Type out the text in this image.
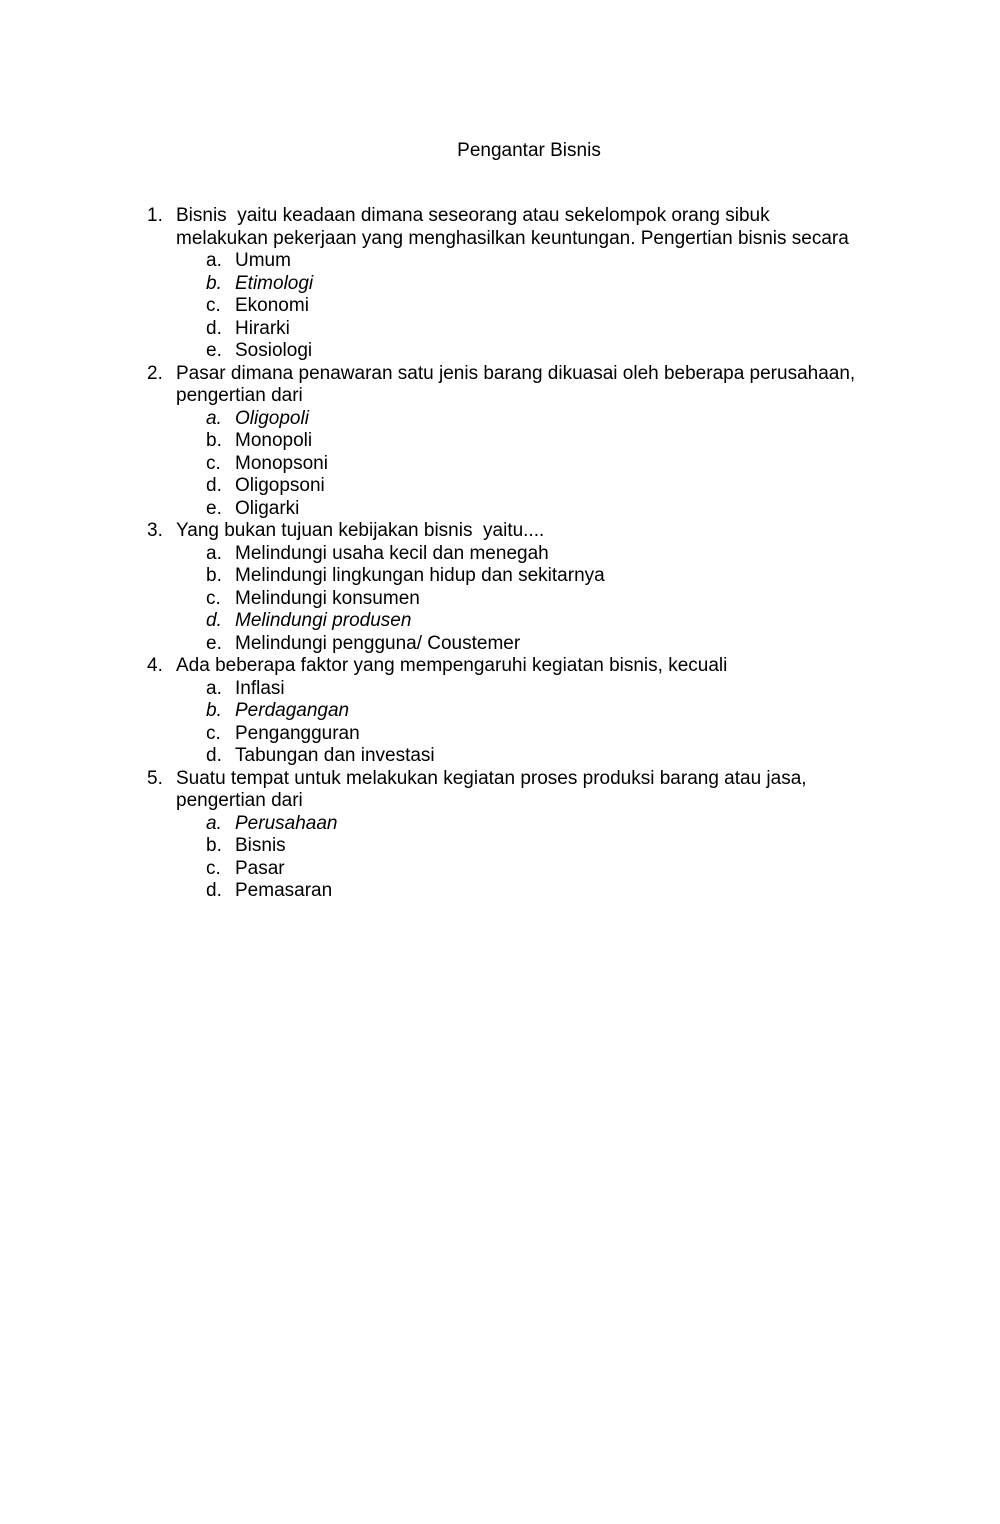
Pengantar Bisnis
1. Bisnis  yaitu keadaan dimana seseorang atau sekelompok orang sibuk
melakukan pekerjaan yang menghasilkan keuntungan. Pengertian bisnis secara
a. Umum
b. Etimologi
c. Ekonomi
d. Hirarki
e. Sosiologi
2. Pasar dimana penawaran satu jenis barang dikuasai oleh beberapa perusahaan,
pengertian dari
a. Oligopoli
b. Monopoli
c. Monopsoni
d. Oligopsoni
e. Oligarki
3. Yang bukan tujuan kebijakan bisnis  yaitu....
a. Melindungi usaha kecil dan menegah
b. Melindungi lingkungan hidup dan sekitarnya
c. Melindungi konsumen
d. Melindungi produsen
e. Melindungi pengguna/ Coustemer
4. Ada beberapa faktor yang mempengaruhi kegiatan bisnis, kecuali
a. Inflasi
b. Perdagangan
c. Pengangguran
d. Tabungan dan investasi
5. Suatu tempat untuk melakukan kegiatan proses produksi barang atau jasa,
pengertian dari
a. Perusahaan
b. Bisnis
c. Pasar
d. Pemasaran
